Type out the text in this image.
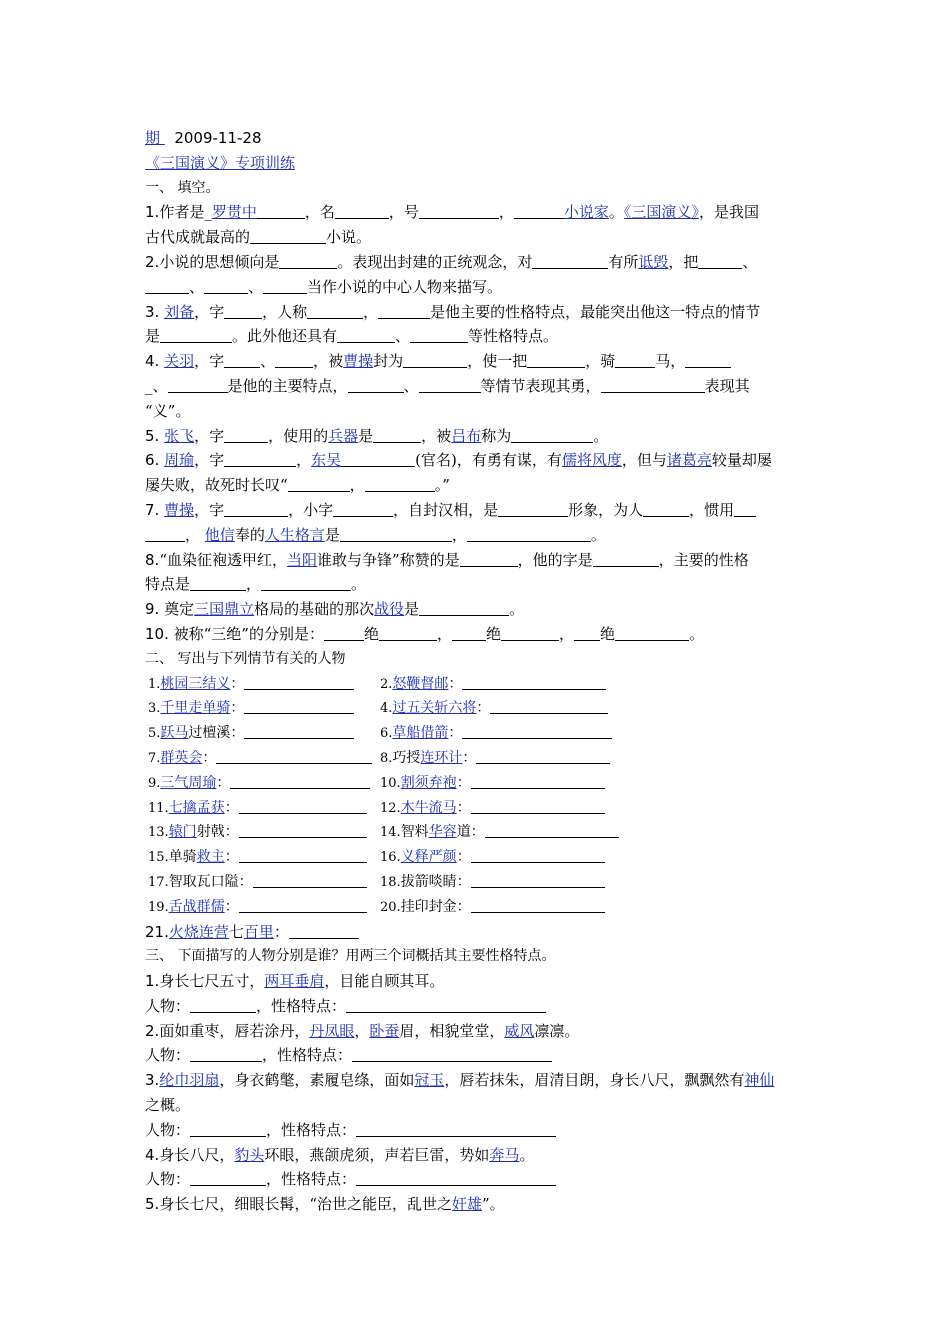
期   2009-11-28
《三国演义》专项训练
一、 填空。
1.作者是_罗贯中	，名	，号	，	小说家。《三国演义》，是我国
古代成就最高的	小说。
2.小说的思想倾向是	。表现出封建的正统观念，对	有所诋毁，把	、
、	、	当作小说的中心人物来描写。
3. 刘备，字	，人称	，	是他主要的性格特点，最能突出他这一特点的情节
是	。此外他还具有	、	等性格特点。
4. 关羽，字 、	，被曹操封为	，使一把	，骑	马，
_、	是他的主要特点，	、	等情节表现其勇，	表现其
“义”。
5. 张飞，字	，使用的兵器是	，被吕布称为	。
6. 周瑜，字	，东吴	(官名)，有勇有谋，有儒将风度，但与诸葛亮较量却屡
屡失败，故死时长叹“	，	。”
7. 曹操，字	，小字	，自封汉相，是	形象，为人	，惯用
， 他信奉的人生格言是	，	。
8.“血染征袍透甲红，当阳谁敢与争锋”称赞的是	，他的字是	，主要的性格
特点是	，	。
9. 奠定三国鼎立格局的基础的那次战役是	。
10. 被称“三绝”的分别是：	绝	， 绝	， 绝	。
二、 写出与下列情节有关的人物
1.桃园三结义：	2.怒鞭督邮：
3.千里走单骑：	4.过五关斩六将：
5.跃马过檀溪：	6.草船借箭：
7.群英会：	8.巧授连环计：
9.三气周瑜：	10.割须弃袍：
11.七擒孟获：	12.木牛流马：
13.辕门射戟：	14.智料华容道：
15.单骑救主：	16.义释严颜：
17.智取瓦口隘：	18.拔箭啖睛：
19.舌战群儒：	20.挂印封金：
21.火烧连营七百里：
三、 下面描写的人物分别是谁？用两三个词概括其主要性格特点。
1.身长七尺五寸，两耳垂肩，目能自顾其耳。
人物：	，性格特点：
2.面如重枣，唇若涂丹，丹凤眼，卧蚕眉，相貌堂堂，威风凛凛。
人物：	，性格特点：
3.纶巾羽扇，身衣鹤氅，素履皂绦，面如冠玉，唇若抹朱，眉清目朗，身长八尺，飘飘然有神仙
之概。
人物：	，性格特点：
4.身长八尺，豹头环眼，燕颌虎须，声若巨雷，势如奔马。
人物：	，性格特点：
5.身长七尺，细眼长髯，“治世之能臣，乱世之奸雄”。
